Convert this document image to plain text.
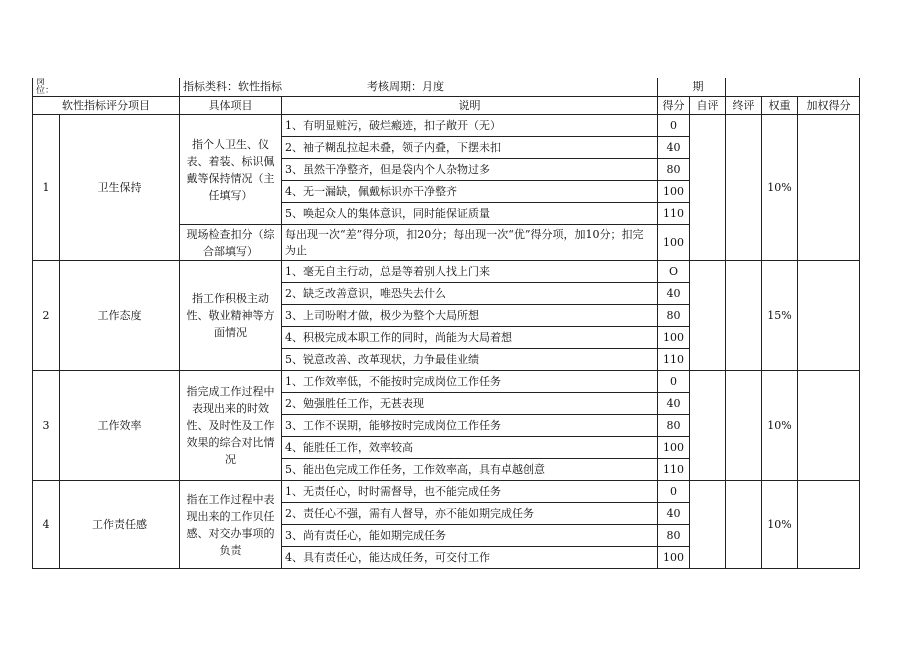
岗位：		指标类科：软性指标 考核周期：月度			期			
软性指标评分项目		具体项目	说明	得分	自评	终评	权重	加权得分
1	卫生保持	指个人卫生、仪表、着装、标识佩戴等保持情况（主任填写）	1、有明显赃污，破烂瘢迹，扣子敞开（无）	0			10%	
			2、袖子糊乱拉起未叠，领子内叠，下摆未扣	40				
			3、虽然干净整齐，但是袋内个人杂物过多	80				
			4、无一漏缺，佩戴标识亦干净整齐	100				
			5、唤起众人的集体意识，同时能保证质量	110				
		现场检查扣分（综合部填写）	每出现一次“差”得分项，扣20分；每出现一次“优”得分项，加10分；扣完为止	100				
2	工作态度	指工作积极主动性、敬业精神等方面情况	1、毫无自主行动，总是等着别人找上门来	O			15%	
			2、缺乏改善意识，唯恐失去什么	40				
			3、上司吩咐才做，极少为整个大局所想	80				
			4、积极完成本职工作的同时，尚能为大局着想	100				
			5、锐意改善、改革现状，力争最佳业绩	110				
3	工作效率	指完成工作过程中表现出来的时效性、及时性及工作效果的综合对比情况	1、工作效率低，不能按时完成岗位工作任务	0			10%	
			2、勉强胜任工作，无甚表现	40				
			3、工作不误期，能够按时完成岗位工作任务	80				
			4、能胜任工作，效率较高	100				
			5、能出色完成工作任务，工作效率高，具有卓越创意	110				
4	工作责任感	指在工作过程中表现出来的工作贝任感、对交办事项的负责	1、无责任心，时时需督导，也不能完成任务	0			10%	
			2、责任心不强，需有人督导，亦不能如期完成任务	40				
			3、尚有责任心，能如期完成任务	80				
			4、具有责任心，能达成任务，可交付工作	100				
